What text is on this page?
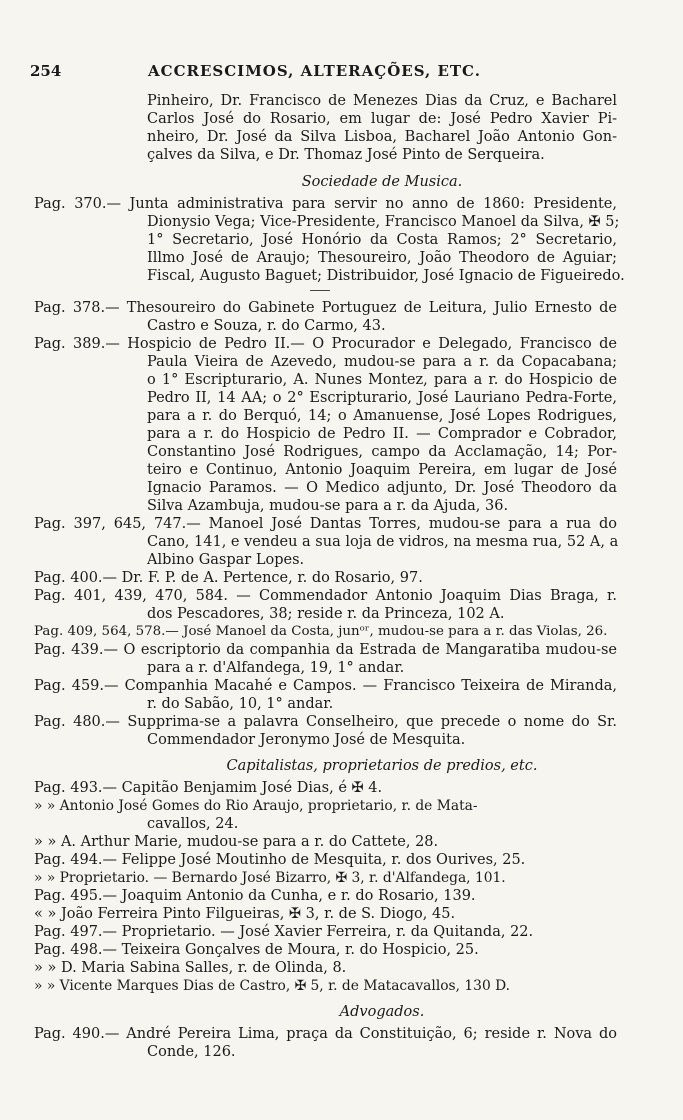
254	ACCRESCIMOS, ALTERAÇÕES, ETC.
Pinheiro, Dr. Francisco de Menezes Dias da Cruz, e Bacharel
Carlos José do Rosario, em lugar de: José Pedro Xavier Pi-
nheiro, Dr. José da Silva Lisboa, Bacharel João Antonio Gon-
çalves da Silva, e Dr. Thomaz José Pinto de Serqueira.
Sociedade de Musica.
Pag. 370.— Junta administrativa para servir no anno de 1860: Presidente,
Dionysio Vega; Vice-Presidente, Francisco Manoel da Silva, ✠ 5;
1° Secretario, José Honório da Costa Ramos; 2° Secretario,
Illmo José de Araujo; Thesoureiro, João Theodoro de Aguiar;
Fiscal, Augusto Baguet; Distribuidor, José Ignacio de Figueiredo.
Pag. 378.— Thesoureiro do Gabinete Portuguez de Leitura, Julio Ernesto de
Castro e Souza, r. do Carmo, 43.
Pag. 389.— Hospicio de Pedro II.— O Procurador e Delegado, Francisco de
Paula Vieira de Azevedo, mudou-se para a r. da Copacabana;
o 1° Escripturario, A. Nunes Montez, para a r. do Hospicio de
Pedro II, 14 AA; o 2° Escripturario, José Lauriano Pedra-Forte,
para a r. do Berquó, 14; o Amanuense, José Lopes Rodrigues,
para a r. do Hospicio de Pedro II. — Comprador e Cobrador,
Constantino José Rodrigues, campo da Acclamação, 14; Por-
teiro e Continuo, Antonio Joaquim Pereira, em lugar de José
Ignacio Paramos. — O Medico adjunto, Dr. José Theodoro da
Silva Azambuja, mudou-se para a r. da Ajuda, 36.
Pag. 397, 645, 747.— Manoel José Dantas Torres, mudou-se para a rua do
Cano, 141, e vendeu a sua loja de vidros, na mesma rua, 52 A, a
Albino Gaspar Lopes.
Pag. 400.— Dr. F. P. de A. Pertence, r. do Rosario, 97.
Pag. 401, 439, 470, 584. — Commendador Antonio Joaquim Dias Braga, r.
dos Pescadores, 38; reside r. da Princeza, 102 A.
Pag. 409, 564, 578.— José Manoel da Costa, junᵒʳ, mudou-se para a r. das Violas, 26.
Pag. 439.— O escriptorio da companhia da Estrada de Mangaratiba mudou-se
para a r. d'Alfandega, 19, 1° andar.
Pag. 459.— Companhia Macahé e Campos. — Francisco Teixeira de Miranda,
r. do Sabão, 10, 1° andar.
Pag. 480.— Supprima-se a palavra Conselheiro, que precede o nome do Sr.
Commendador Jeronymo José de Mesquita.
Capitalistas, proprietarios de predios, etc.
Pag. 493.— Capitão Benjamim José Dias, é ✠ 4.
» » Antonio José Gomes do Rio Araujo, proprietario, r. de Mata-
cavallos, 24.
» » A. Arthur Marie, mudou-se para a r. do Cattete, 28.
Pag. 494.— Felippe José Moutinho de Mesquita, r. dos Ourives, 25.
» » Proprietario. — Bernardo José Bizarro, ✠ 3, r. d'Alfandega, 101.
Pag. 495.— Joaquim Antonio da Cunha, e r. do Rosario, 139.
« » João Ferreira Pinto Filgueiras, ✠ 3, r. de S. Diogo, 45.
Pag. 497.— Proprietario. — José Xavier Ferreira, r. da Quitanda, 22.
Pag. 498.— Teixeira Gonçalves de Moura, r. do Hospicio, 25.
» » D. Maria Sabina Salles, r. de Olinda, 8.
» » Vicente Marques Dias de Castro, ✠ 5, r. de Matacavallos, 130 D.
Advogados.
Pag. 490.— André Pereira Lima, praça da Constituição, 6; reside r. Nova do
Conde, 126.
